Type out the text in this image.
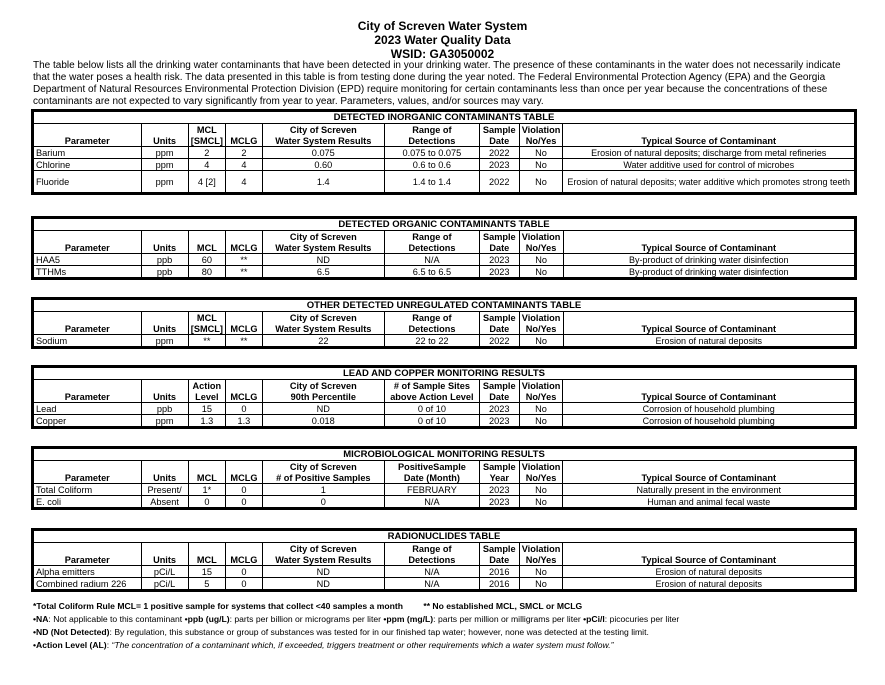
City of Screven Water System
2023 Water Quality Data
WSID: GA3050002
The table below lists all the drinking water contaminants that have been detected in your drinking water. The presence of these contaminants in the water does not necessarily indicate that the water poses a health risk. The data presented in this table is from testing done during the year noted. The Federal Environmental Protection Agency (EPA) and the Georgia Department of Natural Resources Environmental Protection Division (EPD) require monitoring for certain contaminants less than once per year because the concentrations of these contaminants are not expected to vary significantly from year to year. Parameters, values, and/or sources may vary.
DETECTED INORGANIC CONTAMINANTS TABLE								
		MCL		City of Screven	Range of	Sample	Violation	
Parameter	Units	[SMCL]	MCLG	Water System Results	Detections	Date	No/Yes	Typical Source of Contaminant
Barium	ppm	2	2	0.075	0.075 to 0.075	2022	No	Erosion of natural deposits; discharge from metal refineries
Chlorine	ppm	4	4	0.60	0.6 to 0.6	2023	No	Water additive used for control of microbes
Fluoride	ppm	4 [2]	4	1.4	1.4 to 1.4	2022	No	Erosion of natural deposits; water additive which promotes strong teeth
DETECTED ORGANIC CONTAMINANTS TABLE								
				City of Screven	Range of	Sample	Violation	
Parameter	Units	MCL	MCLG	Water System Results	Detections	Date	No/Yes	Typical Source of Contaminant
HAA5	ppb	60	**	ND	N/A	2023	No	By-product of drinking water disinfection
TTHMs	ppb	80	**	6.5	6.5 to 6.5	2023	No	By-product of drinking water disinfection
OTHER DETECTED UNREGULATED CONTAMINANTS TABLE								
		MCL		City of Screven	Range of	Sample	Violation	
Parameter	Units	[SMCL]	MCLG	Water System Results	Detections	Date	No/Yes	Typical Source of Contaminant
Sodium	ppm	**	**	22	22 to 22	2022	No	Erosion of natural deposits
LEAD AND COPPER MONITORING RESULTS								
		Action		City of Screven	# of Sample Sites	Sample	Violation	
Parameter	Units	Level	MCLG	90th Percentile	above Action Level	Date	No/Yes	Typical Source of Contaminant
Lead	ppb	15	0	ND	0 of 10	2023	No	Corrosion of household plumbing
Copper	ppm	1.3	1.3	0.018	0 of 10	2023	No	Corrosion of household plumbing
MICROBIOLOGICAL MONITORING RESULTS								
				City of Screven	PositiveSample	Sample	Violation	
Parameter	Units	MCL	MCLG	# of Positive Samples	Date (Month)	Year	No/Yes	Typical Source of Contaminant
Total Coliform	Present/	1*	0	1	FEBRUARY	2023	No	Naturally present in the environment
E. coli	Absent	0	0	0	N/A	2023	No	Human and animal fecal waste
RADIONUCLIDES TABLE								
				City of Screven	Range of	Sample	Violation	
Parameter	Units	MCL	MCLG	Water System Results	Detections	Date	No/Yes	Typical Source of Contaminant
Alpha emitters	pCi/L	15	0	ND	N/A	2016	No	Erosion of natural deposits
Combined radium 226	pCi/L	5	0	ND	N/A	2016	No	Erosion of natural deposits
*Total Coliform Rule MCL= 1 positive sample for systems that collect <40 samples a month ** No established MCL, SMCL or MCLG
•NA: Not applicable to this contaminant •ppb (ug/L): parts per billion or micrograms per liter •ppm (mg/L): parts per million or milligrams per liter •pCi/l: picocuries per liter
•ND (Not Detected): By regulation, this substance or group of substances was tested for in our finished tap water; however, none was detected at the testing limit.
•Action Level (AL): “The concentration of a contaminant which, if exceeded, triggers treatment or other requirements which a water system must follow.”
